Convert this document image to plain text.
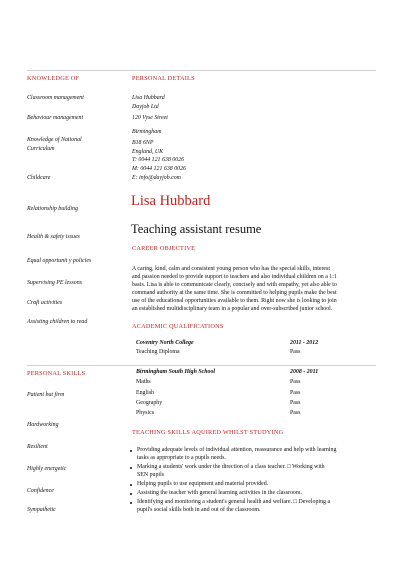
KNOWLEDGE OF
Classroom management
Behaviour management
Knowledge of National
Curriculum
Childcare
Relationship building
Health & safety issues
Equal opportunit y policies
Supervising PE lessons
Craft activities
Assisting children to read
PERSONAL SKILLS
Patient but firm
Hardworking
Resilient
Highly energetic
Confidence
Sympathetic
PERSONAL DETAILS
Lisa Hubbard
Dayjob Ltd
120 Vyse Street
Birmingham
B18 6NP
England, UK
T: 0044 121 638 0026
M: 0044 121 638 0026
E: info@dayjob.com
Lisa Hubbard
Teaching assistant resume
CAREER OBJECTIVE
A caring, kind, calm and consistent young person who has the special skills, interest
and passion needed to provide support to teachers and also individual children on a 1:1
basis. Lisa is able to communicate clearly, concisely and with empathy, yet also able to
command authority at the same time. She is committed to helping pupils make the best
use of the educational opportunities available to them. Right now she is looking to join
an established multidisciplinary team in a popular and over-subscribed junior school.
ACADEMIC QUALIFICATIONS
Coventry North College	2011 - 2012
Teaching Diploma	Pass
Birmingham South High School	2008 - 2011
Maths	Pass
English	Pass
Geography	Pass
Physics	Pass
TEACHING SKILLS AQUIRED WHILST STUDYING
Providing adequate levels of individual attention, reassurance and help with learning
tasks as appropriate to a pupils needs.
Marking a students' work under the direction of a class teacher. □ Working with
SEN pupils
Helping pupils to use equipment and material provided.
Assisting the teacher with general learning activities in the classroom.
Identifying and monitoring a student's general health and welfare. □ Developing a
pupil's social skills both in and out of the classroom.
